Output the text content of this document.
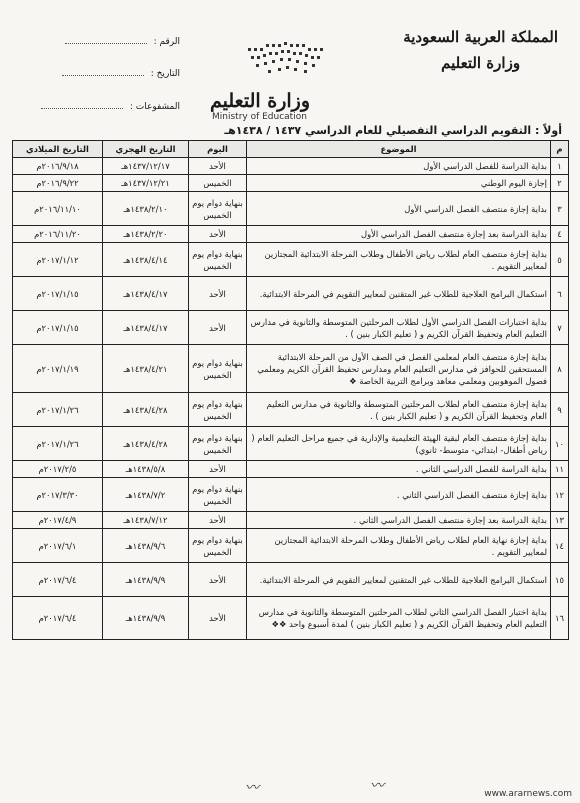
المملكة العربية السعودية
وزارة التعليم
وزارة التعليم
Ministry of Education
الرقم :
التاريخ :
المشفوعات :
أولاً : التقويم الدراسي التفصيلي للعام الدراسي ١٤٣٧ / ١٤٣٨هـ
م	الموضوع	اليوم	التاريخ الهجري	التاريخ الميلادي
١	بداية الدراسة للفصل الدراسي الأول	الأحد	١٤٣٧/١٢/١٧هـ	٢٠١٦/٩/١٨م
٢	إجازة اليوم الوطني	الخميس	١٤٣٧/١٢/٢١هـ	٢٠١٦/٩/٢٢م
٣	بداية إجازة منتصف الفصل الدراسي الأول	بنهاية دوام يوم الخميس	١٤٣٨/٢/١٠هـ	٢٠١٦/١١/١٠م
٤	بداية الدراسة بعد إجازة منتصف الفصل الدراسي الأول	الأحد	١٤٣٨/٢/٢٠هـ	٢٠١٦/١١/٢٠م
٥	بداية إجازة منتصف العام لطلاب رياض الأطفال وطلاب المرحلة الابتدائية المجتازين لمعايير التقويم .	بنهاية دوام يوم الخميس	١٤٣٨/٤/١٤هـ	٢٠١٧/١/١٢م
٦	استكمال البرامج العلاجية للطلاب غير المتقنين لمعايير التقويم في المرحلة الابتدائية.	الأحد	١٤٣٨/٤/١٧هـ	٢٠١٧/١/١٥م
٧	بداية اختبارات الفصل الدراسي الأول لطلاب المرحلتين المتوسطة والثانوية في مدارس التعليم العام وتحفيظ القرآن الكريم و ( تعليم الكبار بنين ) .	الأحد	١٤٣٨/٤/١٧هـ	٢٠١٧/١/١٥م
٨	بداية إجازة منتصف العام لمعلمي الفصل في الصف الأول من المرحلة الابتدائية المستحقين للحوافز في مدارس التعليم العام ومدارس تحفيظ القرآن الكريم ومعلمي فصول الموهوبين ومعلمي معاهد وبرامج التربية الخاصة ❖	بنهاية دوام يوم الخميس	١٤٣٨/٤/٢١هـ	٢٠١٧/١/١٩م
٩	بداية إجازة منتصف العام لطلاب المرحلتين المتوسطة والثانوية في مدارس التعليم العام وتحفيظ القرآن الكريم و ( تعليم الكبار بنين ) .	بنهاية دوام يوم الخميس	١٤٣٨/٤/٢٨هـ	٢٠١٧/١/٢٦م
١٠	بداية إجازة منتصف العام لبقية الهيئة التعليمية والإدارية في جميع مراحل التعليم العام ( رياض أطفال- ابتدائي- متوسط- ثانوي)	بنهاية دوام يوم الخميس	١٤٣٨/٤/٢٨هـ	٢٠١٧/١/٢٦م
١١	بداية الدراسة للفصل الدراسي الثاني .	الأحد	١٤٣٨/٥/٨هـ	٢٠١٧/٢/٥م
١٢	بداية إجازة منتصف الفصل الدراسي الثاني .	بنهاية دوام يوم الخميس	١٤٣٨/٧/٢هـ	٢٠١٧/٣/٣٠م
١٣	بداية الدراسة بعد إجازة منتصف الفصل الدراسي الثاني .	الأحد	١٤٣٨/٧/١٢هـ	٢٠١٧/٤/٩م
١٤	بداية إجازة نهاية العام لطلاب رياض الأطفال وطلاب المرحلة الابتدائية المجتازين لمعايير التقويم .	بنهاية دوام يوم الخميس	١٤٣٨/٩/٦هـ	٢٠١٧/٦/١م
١٥	استكمال البرامج العلاجية للطلاب غير المتقنين لمعايير التقويم في المرحلة الابتدائية.	الأحد	١٤٣٨/٩/٩هـ	٢٠١٧/٦/٤م
١٦	بداية اختبار الفصل الدراسي الثاني لطلاب المرحلتين المتوسطة والثانوية في مدارس التعليم العام وتحفيظ القرآن الكريم و ( تعليم الكبار بنين ) لمدة أسبوع واحد ❖❖	الأحد	١٤٣٨/٩/٩هـ	٢٠١٧/٦/٤م
〰	〰	www.ararnews.com
